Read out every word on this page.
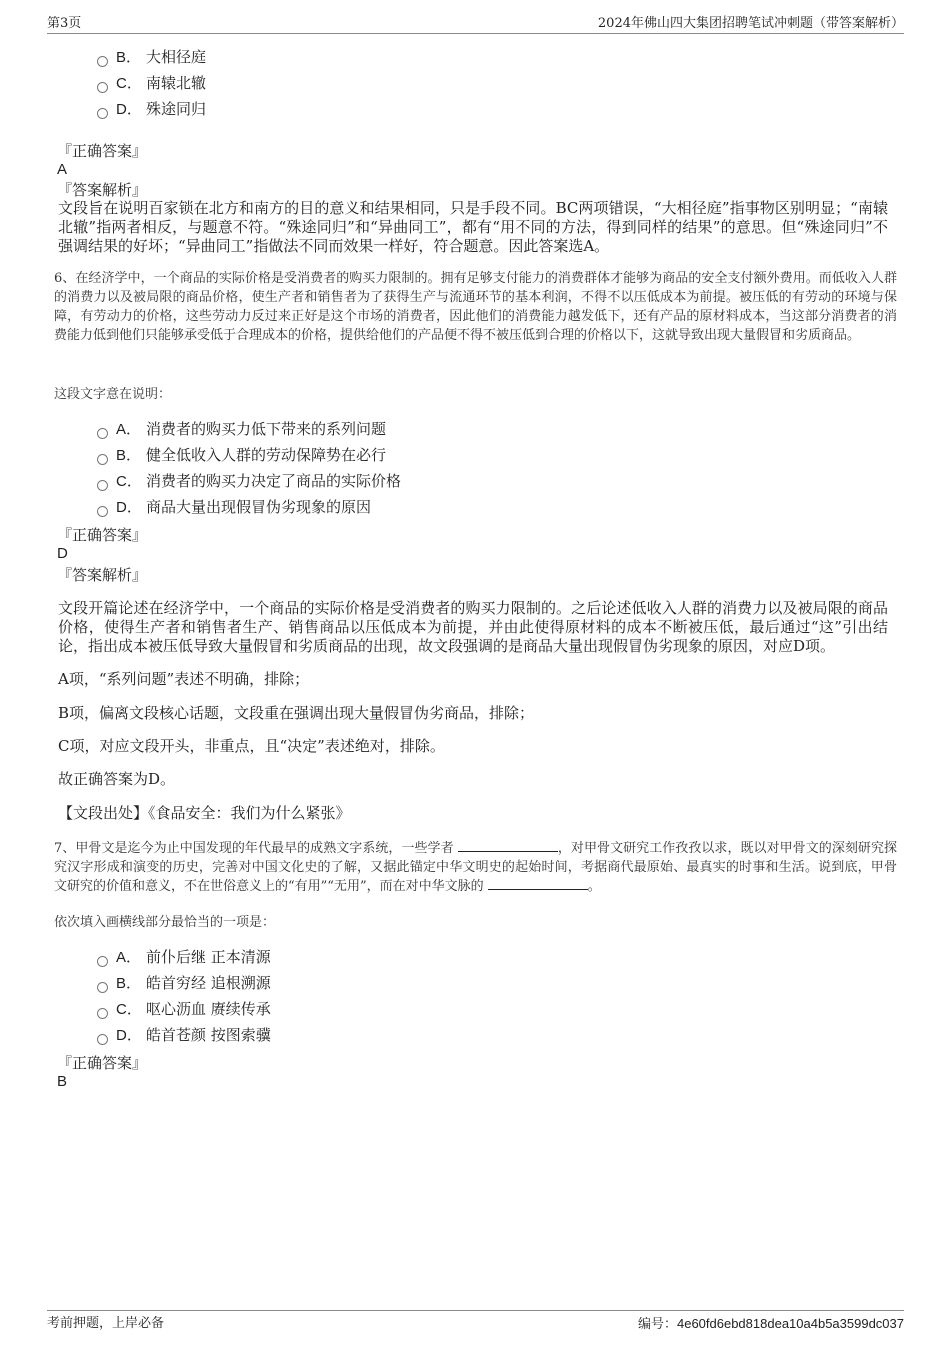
第3页	2024年佛山四大集团招聘笔试冲刺题（带答案解析）
B． 大相径庭
C． 南辕北辙
D． 殊途同归
『正确答案』
A
『答案解析』
文段旨在说明百家锁在北方和南方的目的意义和结果相同，只是手段不同。BC两项错误，“大相径庭”指事物区别明显；“南辕北辙”指两者相反，与题意不符。“殊途同归”和“异曲同工”，都有“用不同的方法，得到同样的结果”的意思。但“殊途同归”不强调结果的好坏；“异曲同工”指做法不同而效果一样好，符合题意。因此答案选A。
6、在经济学中，一个商品的实际价格是受消费者的购买力限制的。拥有足够支付能力的消费群体才能够为商品的安全支付额外费用。而低收入人群的消费力以及被局限的商品价格，使生产者和销售者为了获得生产与流通环节的基本利润，不得不以压低成本为前提。被压低的有劳动的环境与保障，有劳动力的价格，这些劳动力反过来正好是这个市场的消费者，因此他们的消费能力越发低下，还有产品的原材料成本，当这部分消费者的消费能力低到他们只能够承受低于合理成本的价格，提供给他们的产品便不得不被压低到合理的价格以下，这就导致出现大量假冒和劣质商品。
这段文字意在说明：
A． 消费者的购买力低下带来的系列问题
B． 健全低收入人群的劳动保障势在必行
C． 消费者的购买力决定了商品的实际价格
D． 商品大量出现假冒伪劣现象的原因
『正确答案』
D
『答案解析』
文段开篇论述在经济学中，一个商品的实际价格是受消费者的购买力限制的。之后论述低收入人群的消费力以及被局限的商品价格，使得生产者和销售者生产、销售商品以压低成本为前提，并由此使得原材料的成本不断被压低，最后通过“这”引出结论，指出成本被压低导致大量假冒和劣质商品的出现，故文段强调的是商品大量出现假冒伪劣现象的原因，对应D项。
A项，“系列问题”表述不明确，排除；
B项，偏离文段核心话题，文段重在强调出现大量假冒伪劣商品，排除；
C项，对应文段开头，非重点，且“决定”表述绝对，排除。
故正确答案为D。
【文段出处】《食品安全：我们为什么紧张》
7、甲骨文是迄今为止中国发现的年代最早的成熟文字系统，一些学者	，对甲骨文研究工作孜孜以求，既以对甲骨文的深刻研究探究汉字形成和演变的历史，完善对中国文化史的了解，又据此锚定中华文明史的起始时间，考据商代最原始、最真实的时事和生活。说到底，甲骨文研究的价值和意义，不在世俗意义上的“有用”“无用”，而在对中华文脉的	。
依次填入画横线部分最恰当的一项是：
A． 前仆后继 正本清源
B． 皓首穷经 追根溯源
C． 呕心沥血 赓续传承
D． 皓首苍颜 按图索骥
『正确答案』
B
考前押题，上岸必备	编号：4e60fd6ebd818dea10a4b5a3599dc037
